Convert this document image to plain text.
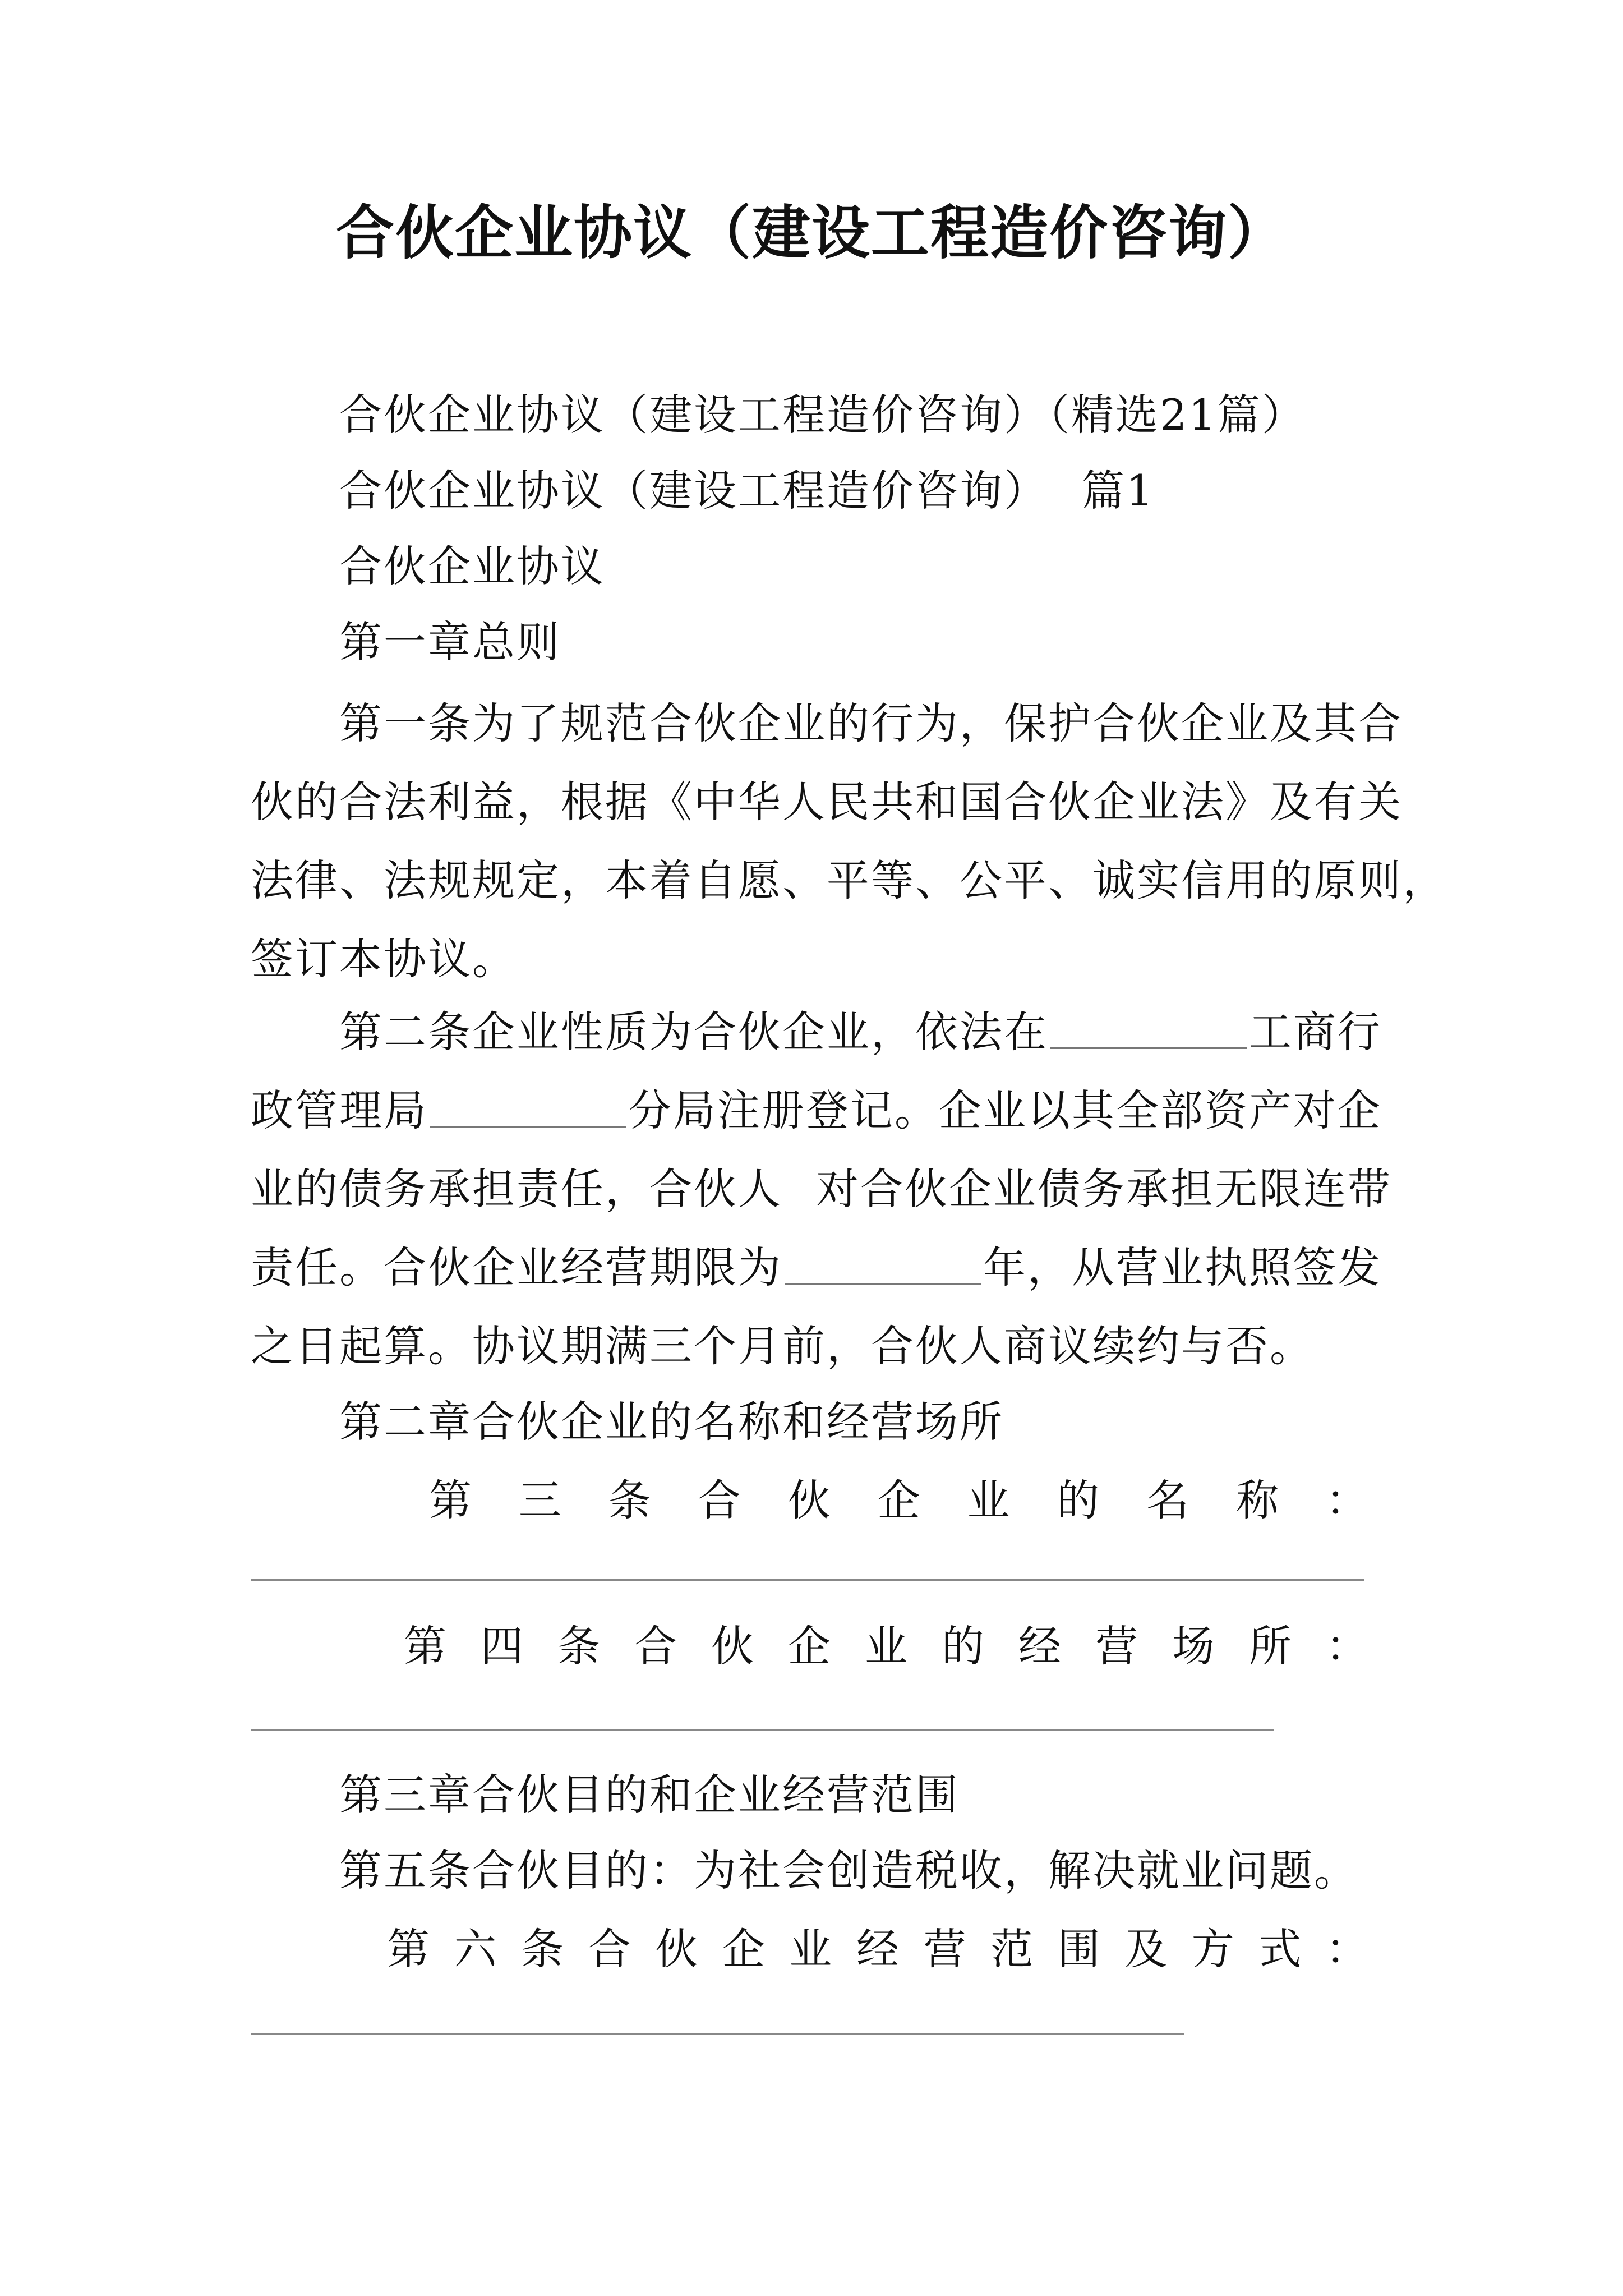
合伙企业协议（建设工程造价咨询）
合伙企业协议（建设工程造价咨询）（精选21篇）
合伙企业协议（建设工程造价咨询） 篇1
合伙企业协议
第一章总则
第一条为了规范合伙企业的行为，保护合伙企业及其合
伙的合法利益，根据《中华人民共和国合伙企业法》及有关
法律、法规规定，本着自愿、平等、公平、诚实信用的原则，
签订本协议。
第二条企业性质为合伙企业，依法在	工商行
政管理局	分局注册登记。企业以其全部资产对企
业的债务承担责任，合伙人 对合伙企业债务承担无限连带
责任。合伙企业经营期限为	年，从营业执照签发
之日起算。协议期满三个月前，合伙人商议续约与否。
第二章合伙企业的名称和经营场所
第 三 条 合 伙 企 业 的 名 称 ：
第 四 条 合 伙 企 业 的 经 营 场 所 ：
第三章合伙目的和企业经营范围
第五条合伙目的：为社会创造税收，解决就业问题。
第 六 条 合 伙 企 业 经 营 范 围 及 方 式 ：
